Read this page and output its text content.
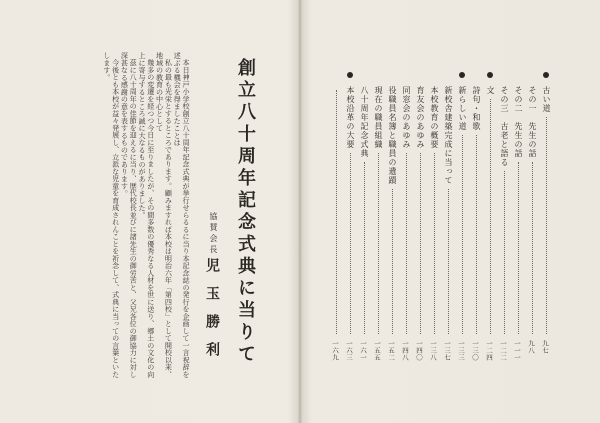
創立八十周年記念式典に当りて
協賛会長
児玉勝利

本日神戸小学校創立八十周年記念式典が挙行せらるるに当り本記念誌の発行を企画して一言祝辞を述ぶる機会を得ましたことは

私の最も光栄とするところであります。顧みますれば本校は明治六年「第四校」として開校以来、地域の教育の中心として

幾多の変遷を経つつ今日に至りましたが、その間多数の優秀なる人材を世に送り、郷土の文化の向上に寄与するところ誠に大なるものがありました。

茲に八十周年の佳節を迎えるに当り、歴代校長並びに諸先生の御労苦と、父兄各位の御協力に対し深甚なる感謝の意を表するものであります。

今後とも本校が益々発展し、立派な児童を育成されんことを祈念して、式典に当っての言葉といたします。

古い道
九七
その一　先生の話
九八
その二　先生の話
一一一
その三　古老と語る
一二二
文
一二四
詩句・和歌
一三〇
新らしい道
一三三
新校舎建築完成に当って
一三七
本校教育の概要
一三八
育友会のあゆみ
一四〇
同窓会のあゆみ
一四八
役職員名簿と職員の遺蹟
一五二
現在の職員組織
一五五
八十周年記念式典
一六一
本校沿革の大要
一六三
一六九
